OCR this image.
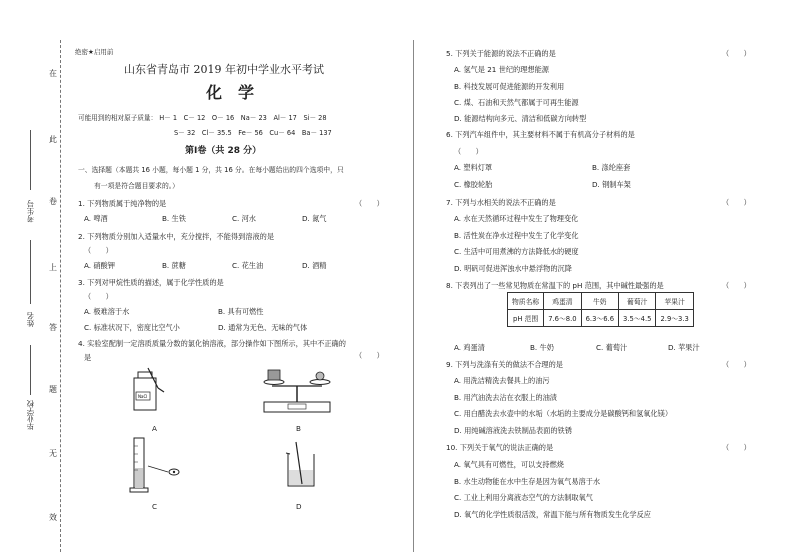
在
此
卷
上
答
题
无
效
考生号
姓名
毕业学校
绝密★启用前
山东省青岛市 2019 年初中学业水平考试
化　学
可能用到的相对原子质量： H－ 1　C－ 12　O－ 16　Na－ 23　Al－ 17　Si－ 28
S－ 32　Cl－ 35.5　Fe－ 56　Cu－ 64　Ba－ 137
第Ⅰ卷（共 28 分）
一、选择题（本题共 16 小题，每小题 1 分，共 16 分。在每小题给出的四个选项中，只
有一项是符合题目要求的。）
1. 下列物质属于纯净物的是	（　　）
A. 啤酒	B. 生铁	C. 河水	D. 氮气
2. 下列物质分别加入适量水中，充分搅拌，不能得到溶液的是
（　　）
A. 硝酸钾	B. 蔗糖	C. 花生油	D. 酒精
3. 下列对甲烷性质的描述，属于化学性质的是
（　　）
A. 极难溶于水	B. 具有可燃性
C. 标准状况下，密度比空气小	D. 通常为无色、无味的气体
4. 实验室配制一定溶质质量分数的氯化钠溶液，部分操作如下图所示，其中不正确的
是	（　　）
NaCl
A	B
C	D
5. 下列关于能源的说法不正确的是	（　　）
A. 氢气是 21 世纪的理想能源
B. 科技发展可促进能源的开发利用
C. 煤、石油和天然气都属于可再生能源
D. 能源结构向多元、清洁和低碳方向转型
6. 下列汽车组件中，其主要材料不属于有机高分子材料的是
（　　）
A. 塑料灯罩	B. 涤纶座套
C. 橡胶轮胎	D. 钢制车架
7. 下列与水相关的说法不正确的是	（　　）
A. 水在天然循环过程中发生了物理变化
B. 活性炭在净水过程中发生了化学变化
C. 生活中可用煮沸的方法降低水的硬度
D. 明矾可促进浑浊水中悬浮物的沉降
8. 下表列出了一些常见物质在常温下的 pH 范围，其中碱性最强的是	（　　）
物质名称	鸡蛋清	牛奶	葡萄汁	苹果汁
pH 范围	7.6～8.0	6.3～6.6	3.5～4.5	2.9～3.3
A. 鸡蛋清	B. 牛奶	C. 葡萄汁	D. 苹果汁
9. 下列与洗涤有关的做法不合理的是	（　　）
A. 用洗洁精洗去餐具上的油污
B. 用汽油洗去沾在衣服上的油渍
C. 用白醋洗去水壶中的水垢（水垢的主要成分是碳酸钙和氢氧化镁）
D. 用纯碱溶液洗去铁制品表面的铁锈
10. 下列关于氧气的说法正确的是	（　　）
A. 氧气具有可燃性，可以支持燃烧
B. 水生动物能在水中生存是因为氧气易溶于水
C. 工业上利用分离液态空气的方法制取氧气
D. 氧气的化学性质很活泼，常温下能与所有物质发生化学反应
